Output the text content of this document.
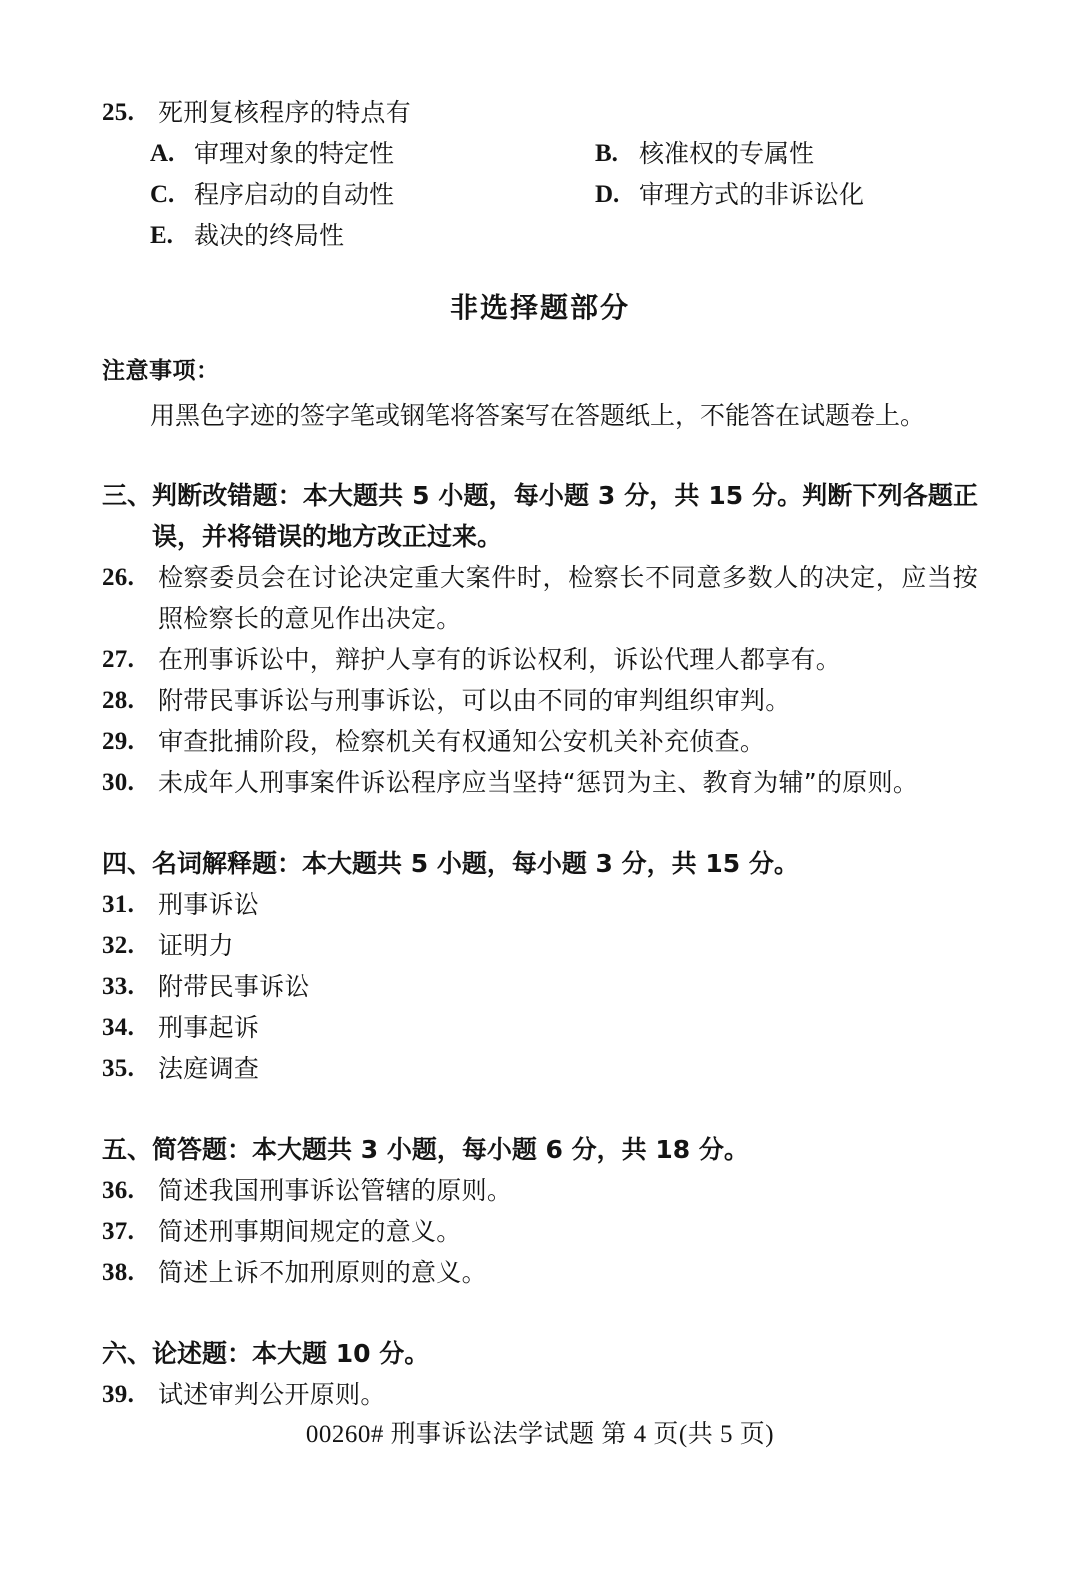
25. 死刑复核程序的特点有
A. 审理对象的特定性	B. 核准权的专属性
C. 程序启动的自动性	D. 审理方式的非诉讼化
E. 裁决的终局性
非选择题部分
注意事项：
用黑色字迹的签字笔或钢笔将答案写在答题纸上，不能答在试题卷上。
三、 判断改错题：本大题共 5 小题，每小题 3 分，共 15 分。判断下列各题正误，并将错误的地方改正过来。
26. 检察委员会在讨论决定重大案件时，检察长不同意多数人的决定，应当按照检察长的意见作出决定。
27. 在刑事诉讼中，辩护人享有的诉讼权利，诉讼代理人都享有。
28. 附带民事诉讼与刑事诉讼，可以由不同的审判组织审判。
29. 审查批捕阶段，检察机关有权通知公安机关补充侦查。
30. 未成年人刑事案件诉讼程序应当坚持“惩罚为主、教育为辅”的原则。
四、 名词解释题：本大题共 5 小题，每小题 3 分，共 15 分。
31. 刑事诉讼
32. 证明力
33. 附带民事诉讼
34. 刑事起诉
35. 法庭调查
五、 简答题：本大题共 3 小题，每小题 6 分，共 18 分。
36. 简述我国刑事诉讼管辖的原则。
37. 简述刑事期间规定的意义。
38. 简述上诉不加刑原则的意义。
六、 论述题：本大题 10 分。
39. 试述审判公开原则。
00260# 刑事诉讼法学试题 第 4 页(共 5 页)
